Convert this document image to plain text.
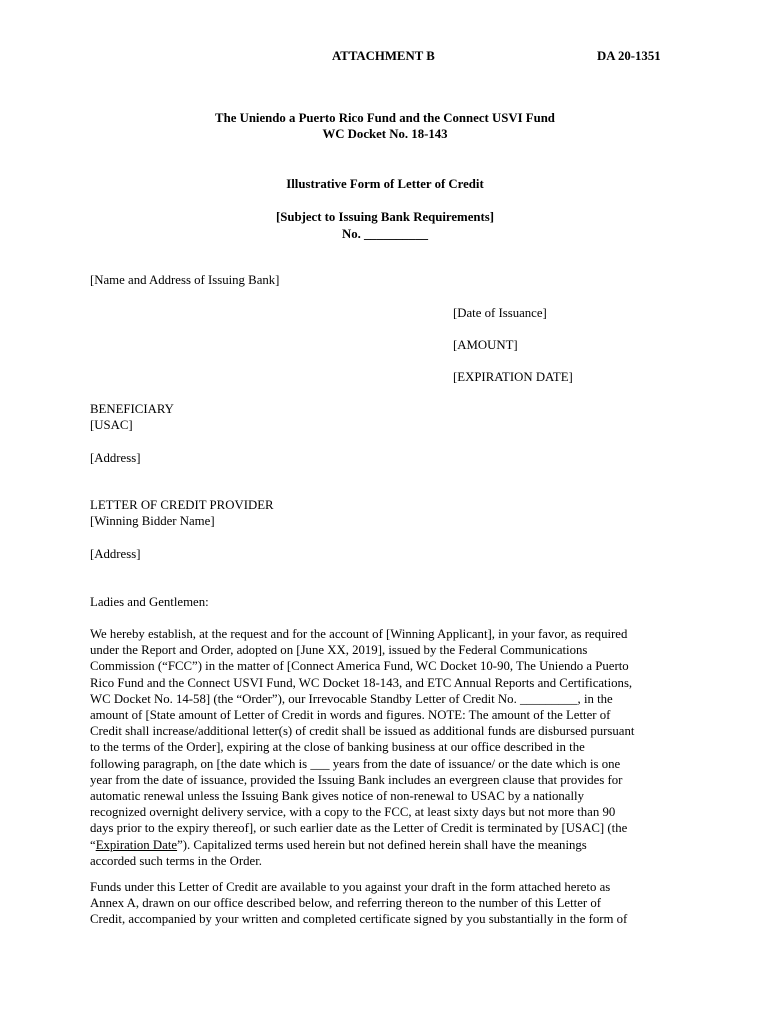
ATTACHMENT B	DA 20-1351
The Uniendo a Puerto Rico Fund and the Connect USVI Fund
WC Docket No. 18-143
Illustrative Form of Letter of Credit
[Subject to Issuing Bank Requirements]
No. __________
[Name and Address of Issuing Bank]
[Date of Issuance]
[AMOUNT]
[EXPIRATION DATE]
BENEFICIARY
[USAC]
[Address]
LETTER OF CREDIT PROVIDER
[Winning Bidder Name]
[Address]
Ladies and Gentlemen:
We hereby establish, at the request and for the account of [Winning Applicant], in your favor, as required
under the Report and Order, adopted on [June XX, 2019], issued by the Federal Communications
Commission (“FCC”) in the matter of [Connect America Fund, WC Docket 10-90, The Uniendo a Puerto
Rico Fund and the Connect USVI Fund, WC Docket 18-143, and ETC Annual Reports and Certifications,
WC Docket No. 14-58] (the “Order”), our Irrevocable Standby Letter of Credit No. _________, in the
amount of [State amount of Letter of Credit in words and figures. NOTE: The amount of the Letter of
Credit shall increase/additional letter(s) of credit shall be issued as additional funds are disbursed pursuant
to the terms of the Order], expiring at the close of banking business at our office described in the
following paragraph, on [the date which is ___ years from the date of issuance/ or the date which is one
year from the date of issuance, provided the Issuing Bank includes an evergreen clause that provides for
automatic renewal unless the Issuing Bank gives notice of non-renewal to USAC by a nationally
recognized overnight delivery service, with a copy to the FCC, at least sixty days but not more than 90
days prior to the expiry thereof], or such earlier date as the Letter of Credit is terminated by [USAC] (the
“Expiration Date”). Capitalized terms used herein but not defined herein shall have the meanings
accorded such terms in the Order.
Funds under this Letter of Credit are available to you against your draft in the form attached hereto as
Annex A, drawn on our office described below, and referring thereon to the number of this Letter of
Credit, accompanied by your written and completed certificate signed by you substantially in the form of
